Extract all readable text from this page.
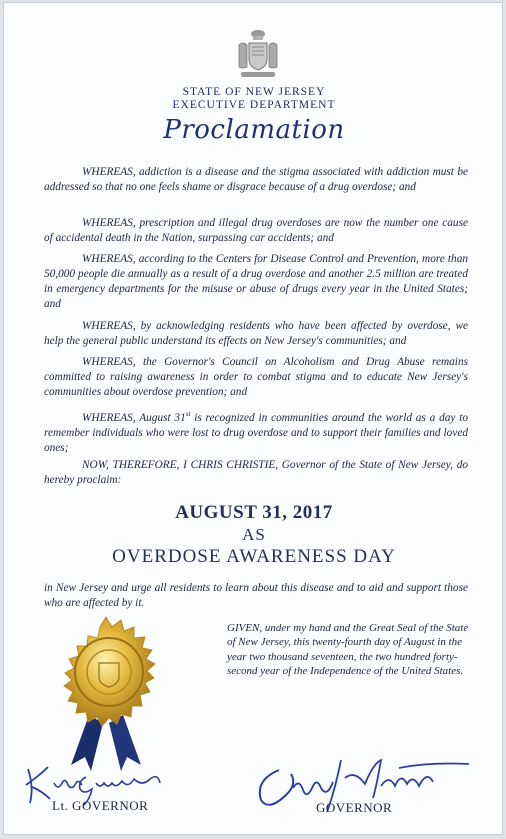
STATE OF NEW JERSEY
EXECUTIVE DEPARTMENT
Proclamation

WHEREAS, addiction is a disease and the stigma associated with addiction must be addressed so that no one feels shame or disgrace because of a drug overdose; and

WHEREAS, prescription and illegal drug overdoses are now the number one cause of accidental death in the Nation, surpassing car accidents; and

WHEREAS, according to the Centers for Disease Control and Prevention, more than 50,000 people die annually as a result of a drug overdose and another 2.5 million are treated in emergency departments for the misuse or abuse of drugs every year in the United States; and

WHEREAS, by acknowledging residents who have been affected by overdose, we help the general public understand its effects on New Jersey's communities; and

WHEREAS, the Governor's Council on Alcoholism and Drug Abuse remains committed to raising awareness in order to combat stigma and to educate New Jersey's communities about overdose prevention; and

WHEREAS, August 31st is recognized in communities around the world as a day to remember individuals who were lost to drug overdose and to support their families and loved ones;

NOW, THEREFORE, I CHRIS CHRISTIE, Governor of the State of New Jersey, do hereby proclaim:

AUGUST 31, 2017
AS
OVERDOSE AWARENESS DAY

in New Jersey and urge all residents to learn about this disease and to aid and support those who are affected by it.

GIVEN, under my hand and the Great Seal of the State of New Jersey, this twenty-fourth day of August in the year two thousand seventeen, the two hundred forty-second year of the Independence of the United States.
Lt. GOVERNOR	GOVERNOR
